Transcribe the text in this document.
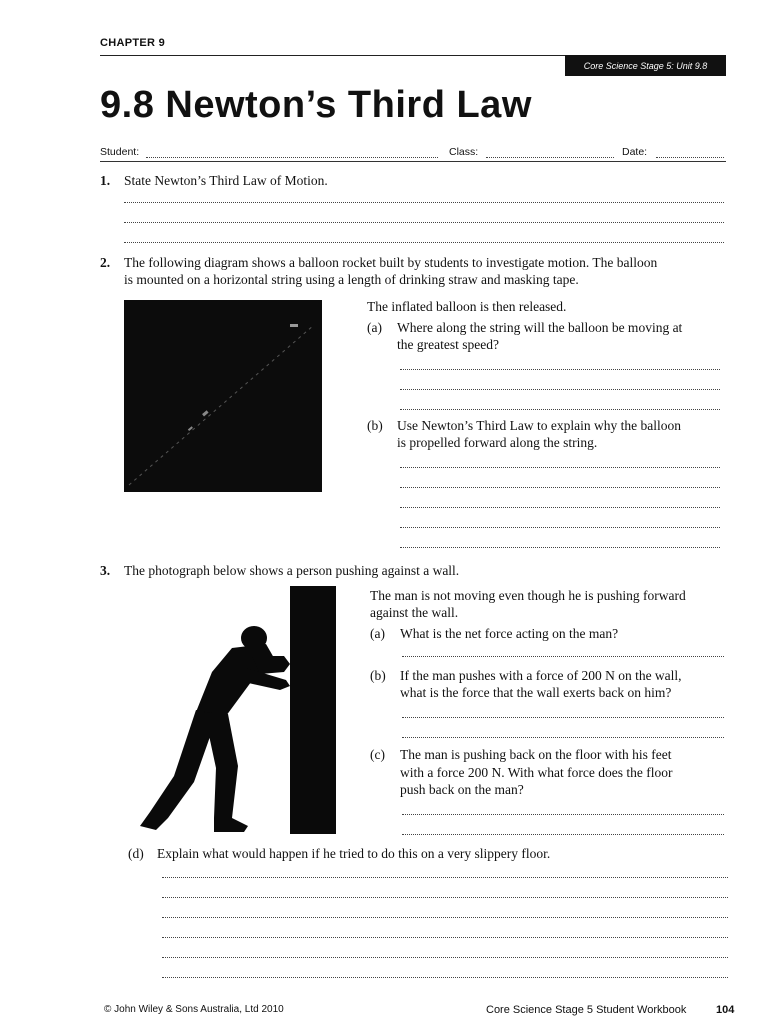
CHAPTER 9
Core Science Stage 5: Unit 9.8
9.8 Newton’s Third Law
Student:	Class:	Date:
1. State Newton’s Third Law of Motion.
2. The following diagram shows a balloon rocket built by students to investigate motion. The balloon
is mounted on a horizontal string using a length of drinking straw and masking tape.
The inflated balloon is then released.
(a) Where along the string will the balloon be moving at
the greatest speed?
(b) Use Newton’s Third Law to explain why the balloon
is propelled forward along the string.
3. The photograph below shows a person pushing against a wall.
The man is not moving even though he is pushing forward
against the wall.
(a) What is the net force acting on the man?
(b) If the man pushes with a force of 200 N on the wall,
what is the force that the wall exerts back on him?
(c) The man is pushing back on the floor with his feet
with a force 200 N. With what force does the floor
push back on the man?
(d) Explain what would happen if he tried to do this on a very slippery floor.
© John Wiley & Sons Australia, Ltd 2010	Core Science Stage 5 Student Workbook	104
